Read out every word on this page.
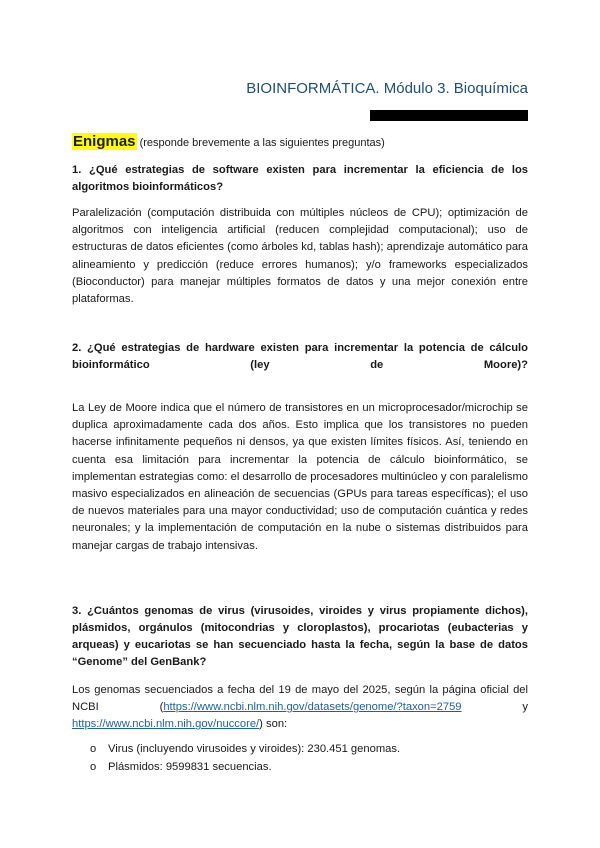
BIOINFORMÁTICA. Módulo 3. Bioquímica
Enigmas (responde brevemente a las siguientes preguntas)
1. ¿Qué estrategias de software existen para incrementar la eficiencia de los algoritmos bioinformáticos?
Paralelización (computación distribuida con múltiples núcleos de CPU); optimización de algoritmos con inteligencia artificial (reducen complejidad computacional); uso de estructuras de datos eficientes (como árboles kd, tablas hash); aprendizaje automático para alineamiento y predicción (reduce errores humanos); y/o frameworks especializados (Bioconductor) para manejar múltiples formatos de datos y una mejor conexión entre plataformas.
2. ¿Qué estrategias de hardware existen para incrementar la potencia de cálculo bioinformático (ley de Moore)?
La Ley de Moore indica que el número de transistores en un microprocesador/microchip se duplica aproximadamente cada dos años. Esto implica que los transistores no pueden hacerse infinitamente pequeños ni densos, ya que existen límites físicos. Así, teniendo en cuenta esa limitación para incrementar la potencia de cálculo bioinformático, se implementan estrategias como: el desarrollo de procesadores multinúcleo y con paralelismo masivo especializados en alineación de secuencias (GPUs para tareas específicas); el uso de nuevos materiales para una mayor conductividad; uso de computación cuántica y redes neuronales; y la implementación de computación en la nube o sistemas distribuidos para manejar cargas de trabajo intensivas.
3. ¿Cuántos genomas de virus (virusoides, viroides y virus propiamente dichos), plásmidos, orgánulos (mitocondrias y cloroplastos), procariotas (eubacterias y arqueas) y eucariotas se han secuenciado hasta la fecha, según la base de datos “Genome” del GenBank?
Los genomas secuenciados a fecha del 19 de mayo del 2025, según la página oficial del NCBI (https://www.ncbi.nlm.nih.gov/datasets/genome/?taxon=2759 y https://www.ncbi.nlm.nih.gov/nuccore/) son:
o Virus (incluyendo virusoides y viroides): 230.451 genomas.
o Plásmidos: 9599831 secuencias.
